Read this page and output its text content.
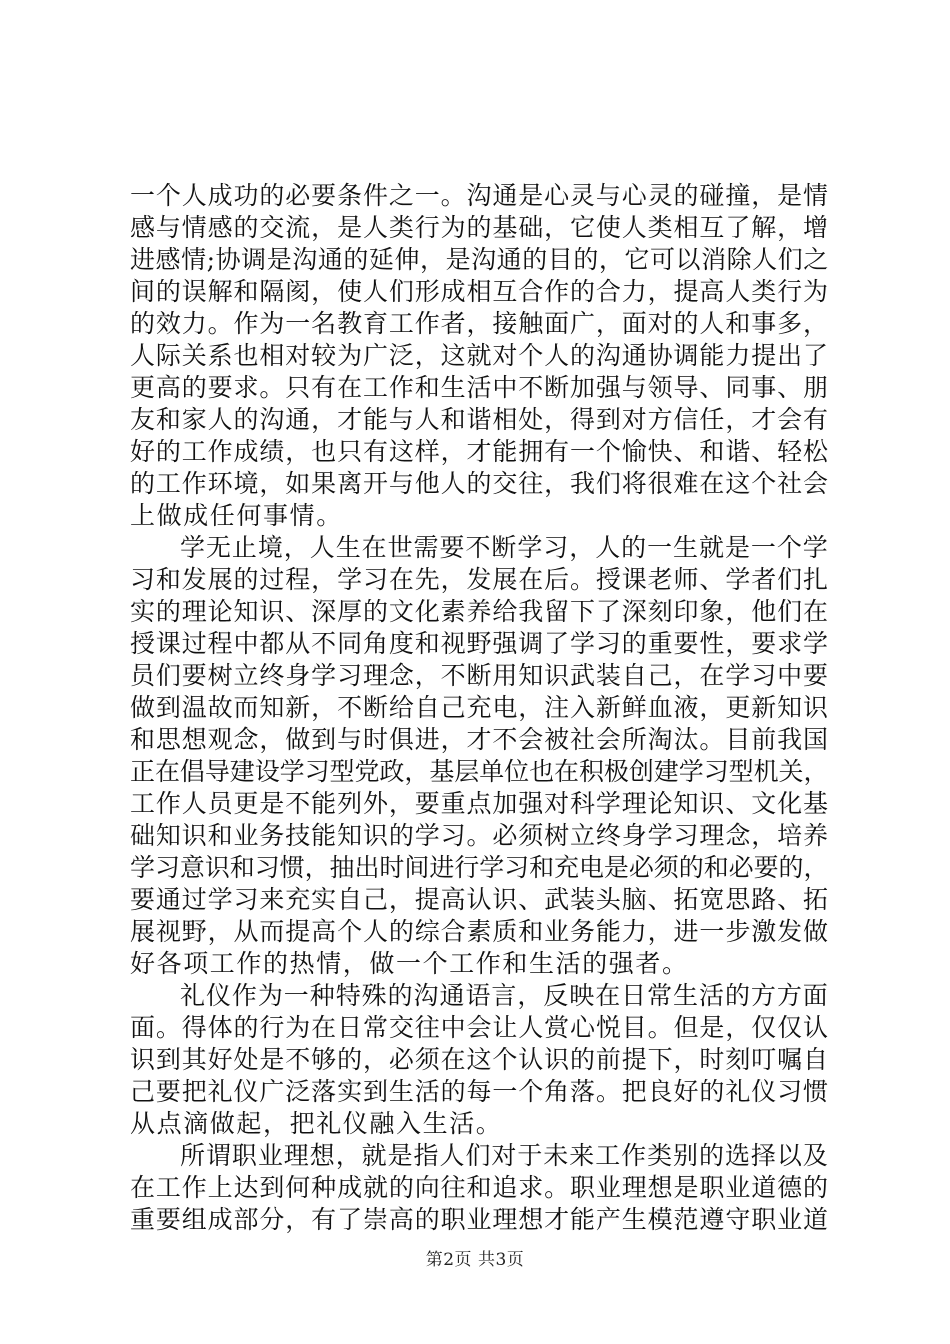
一个人成功的必要条件之一。沟通是心灵与心灵的碰撞，是情
感与情感的交流，是人类行为的基础，它使人类相互了解，增
进感情;协调是沟通的延伸，是沟通的目的，它可以消除人们之
间的误解和隔阂，使人们形成相互合作的合力，提高人类行为
的效力。作为一名教育工作者，接触面广，面对的人和事多，
人际关系也相对较为广泛，这就对个人的沟通协调能力提出了
更高的要求。只有在工作和生活中不断加强与领导、同事、朋
友和家人的沟通，才能与人和谐相处，得到对方信任，才会有
好的工作成绩，也只有这样，才能拥有一个愉快、和谐、轻松
的工作环境，如果离开与他人的交往，我们将很难在这个社会
上做成任何事情。
学无止境，人生在世需要不断学习，人的一生就是一个学
习和发展的过程，学习在先，发展在后。授课老师、学者们扎
实的理论知识、深厚的文化素养给我留下了深刻印象，他们在
授课过程中都从不同角度和视野强调了学习的重要性，要求学
员们要树立终身学习理念，不断用知识武装自己，在学习中要
做到温故而知新，不断给自己充电，注入新鲜血液，更新知识
和思想观念，做到与时俱进，才不会被社会所淘汰。目前我国
正在倡导建设学习型党政，基层单位也在积极创建学习型机关，
工作人员更是不能列外，要重点加强对科学理论知识、文化基
础知识和业务技能知识的学习。必须树立终身学习理念，培养
学习意识和习惯，抽出时间进行学习和充电是必须的和必要的，
要通过学习来充实自己，提高认识、武装头脑、拓宽思路、拓
展视野，从而提高个人的综合素质和业务能力，进一步激发做
好各项工作的热情，做一个工作和生活的强者。
礼仪作为一种特殊的沟通语言，反映在日常生活的方方面
面。得体的行为在日常交往中会让人赏心悦目。但是，仅仅认
识到其好处是不够的，必须在这个认识的前提下，时刻叮嘱自
己要把礼仪广泛落实到生活的每一个角落。把良好的礼仪习惯
从点滴做起，把礼仪融入生活。
所谓职业理想，就是指人们对于未来工作类别的选择以及
在工作上达到何种成就的向往和追求。职业理想是职业道德的
重要组成部分，有了崇高的职业理想才能产生模范遵守职业道
第2页 共3页
